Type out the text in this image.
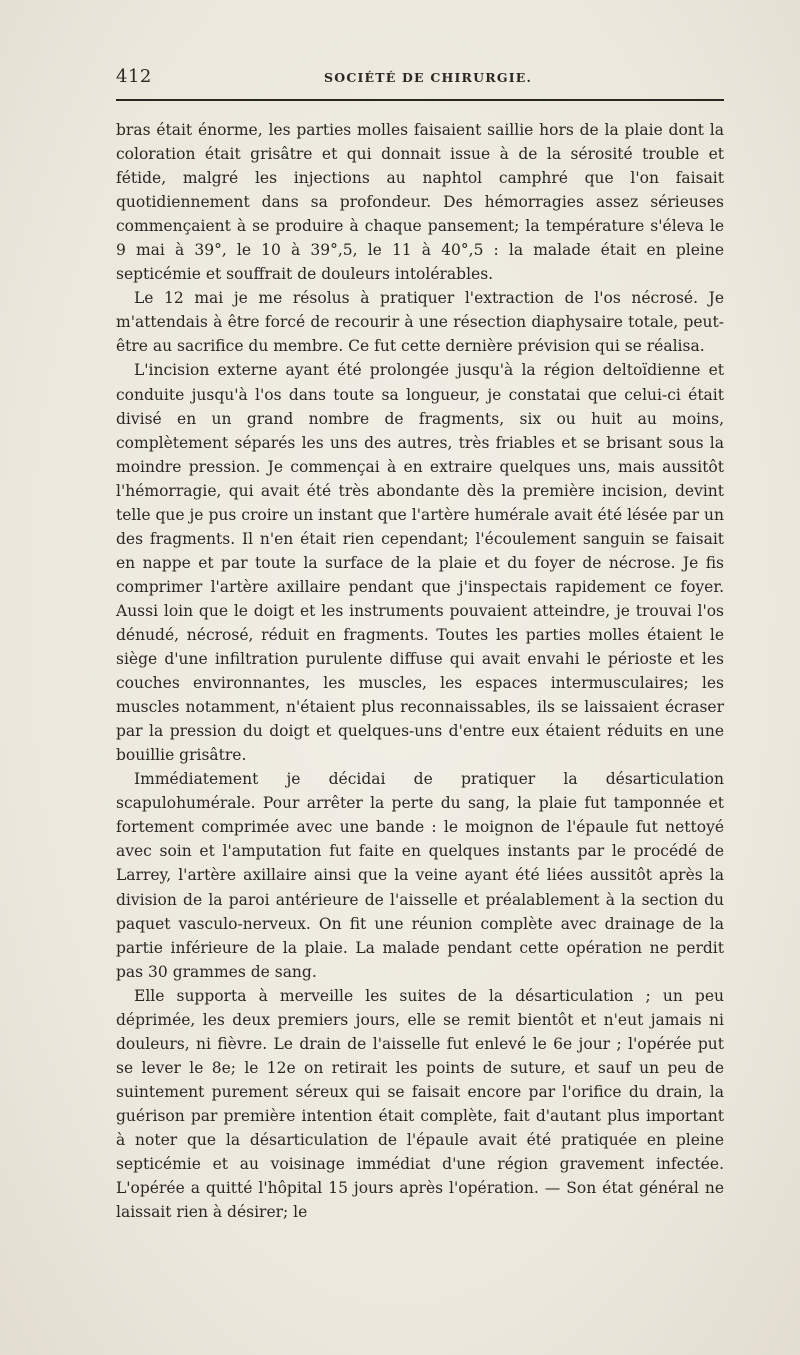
412	SOCIÉTÉ DE CHIRURGIE.

bras était énorme, les parties molles faisaient saillie hors de la plaie dont la coloration était grisâtre et qui donnait issue à de la sérosité trouble et fétide, malgré les injections au naphtol camphré que l'on faisait quotidiennement dans sa profondeur. Des hémorragies assez sérieuses commençaient à se produire à chaque pansement; la température s'éleva le 9 mai à 39°, le 10 à 39°,5, le 11 à 40°,5 : la malade était en pleine septicémie et souffrait de douleurs intolérables.

Le 12 mai je me résolus à pratiquer l'extraction de l'os nécrosé. Je m'attendais à être forcé de recourir à une résection diaphysaire totale, peut-être au sacrifice du membre. Ce fut cette dernière prévision qui se réalisa.

L'incision externe ayant été prolongée jusqu'à la région deltoïdienne et conduite jusqu'à l'os dans toute sa longueur, je constatai que celui-ci était divisé en un grand nombre de fragments, six ou huit au moins, complètement séparés les uns des autres, très friables et se brisant sous la moindre pression. Je commençai à en extraire quelques uns, mais aussitôt l'hémorragie, qui avait été très abondante dès la première incision, devint telle que je pus croire un instant que l'artère humérale avait été lésée par un des fragments. Il n'en était rien cependant; l'écoulement sanguin se faisait en nappe et par toute la surface de la plaie et du foyer de nécrose. Je fis comprimer l'artère axillaire pendant que j'inspectais rapidement ce foyer. Aussi loin que le doigt et les instruments pouvaient atteindre, je trouvai l'os dénudé, nécrosé, réduit en fragments. Toutes les parties molles étaient le siège d'une infiltration purulente diffuse qui avait envahi le périoste et les couches environnantes, les muscles, les espaces intermusculaires; les muscles notamment, n'étaient plus reconnaissables, ils se laissaient écraser par la pression du doigt et quelques-uns d'entre eux étaient réduits en une bouillie grisâtre.

Immédiatement je décidai de pratiquer la désarticulation scapulohumérale. Pour arrêter la perte du sang, la plaie fut tamponnée et fortement comprimée avec une bande : le moignon de l'épaule fut nettoyé avec soin et l'amputation fut faite en quelques instants par le procédé de Larrey, l'artère axillaire ainsi que la veine ayant été liées aussitôt après la division de la paroi antérieure de l'aisselle et préalablement à la section du paquet vasculo-nerveux. On fit une réunion complète avec drainage de la partie inférieure de la plaie. La malade pendant cette opération ne perdit pas 30 grammes de sang.

Elle supporta à merveille les suites de la désarticulation ; un peu déprimée, les deux premiers jours, elle se remit bientôt et n'eut jamais ni douleurs, ni fièvre. Le drain de l'aisselle fut enlevé le 6e jour ; l'opérée put se lever le 8e; le 12e on retirait les points de suture, et sauf un peu de suintement purement séreux qui se faisait encore par l'orifice du drain, la guérison par première intention était complète, fait d'autant plus important à noter que la désarticulation de l'épaule avait été pratiquée en pleine septicémie et au voisinage immédiat d'une région gravement infectée. L'opérée a quitté l'hôpital 15 jours après l'opération. — Son état général ne laissait rien à désirer; le
